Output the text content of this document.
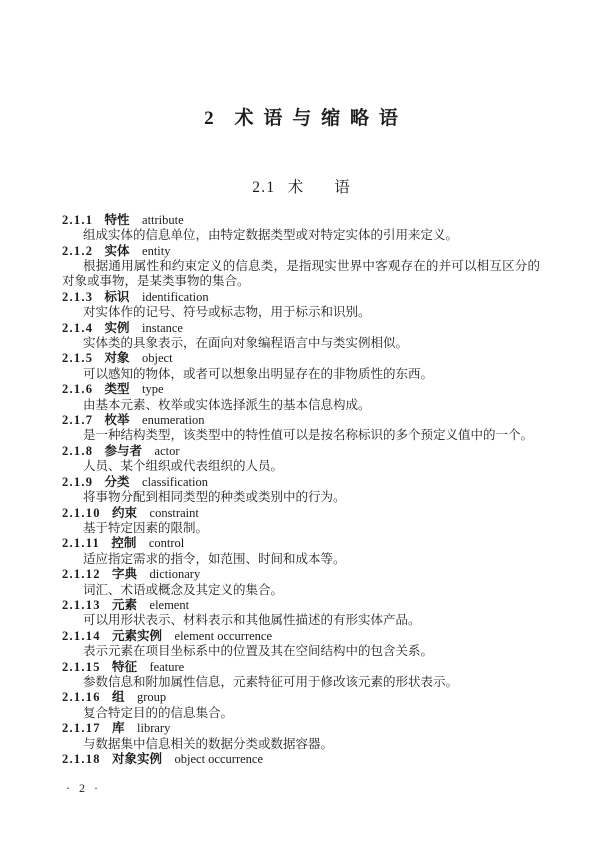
2 术语与缩略语
2.1 术　　语
2.1.1 特性 attribute

组成实体的信息单位，由特定数据类型或对特定实体的引用来定义。

2.1.2 实体 entity

根据通用属性和约束定义的信息类，是指现实世界中客观存在的并可以相互区分的对象或事物，是某类事物的集合。

2.1.3 标识 identification

对实体作的记号、符号或标志物，用于标示和识别。

2.1.4 实例 instance

实体类的具象表示，在面向对象编程语言中与类实例相似。

2.1.5 对象 object

可以感知的物体，或者可以想象出明显存在的非物质性的东西。

2.1.6 类型 type

由基本元素、枚举或实体选择派生的基本信息构成。

2.1.7 枚举 enumeration

是一种结构类型，该类型中的特性值可以是按名称标识的多个预定义值中的一个。

2.1.8 参与者 actor

人员、某个组织或代表组织的人员。

2.1.9 分类 classification

将事物分配到相同类型的种类或类别中的行为。

2.1.10 约束 constraint

基于特定因素的限制。

2.1.11 控制 control

适应指定需求的指令，如范围、时间和成本等。

2.1.12 字典 dictionary

词汇、术语或概念及其定义的集合。

2.1.13 元素 element

可以用形状表示、材料表示和其他属性描述的有形实体产品。

2.1.14 元素实例 element occurrence

表示元素在项目坐标系中的位置及其在空间结构中的包含关系。

2.1.15 特征 feature

参数信息和附加属性信息，元素特征可用于修改该元素的形状表示。

2.1.16 组 group

复合特定目的的信息集合。

2.1.17 库 library

与数据集中信息相关的数据分类或数据容器。

2.1.18 对象实例 object occurrence
· 2 ·
